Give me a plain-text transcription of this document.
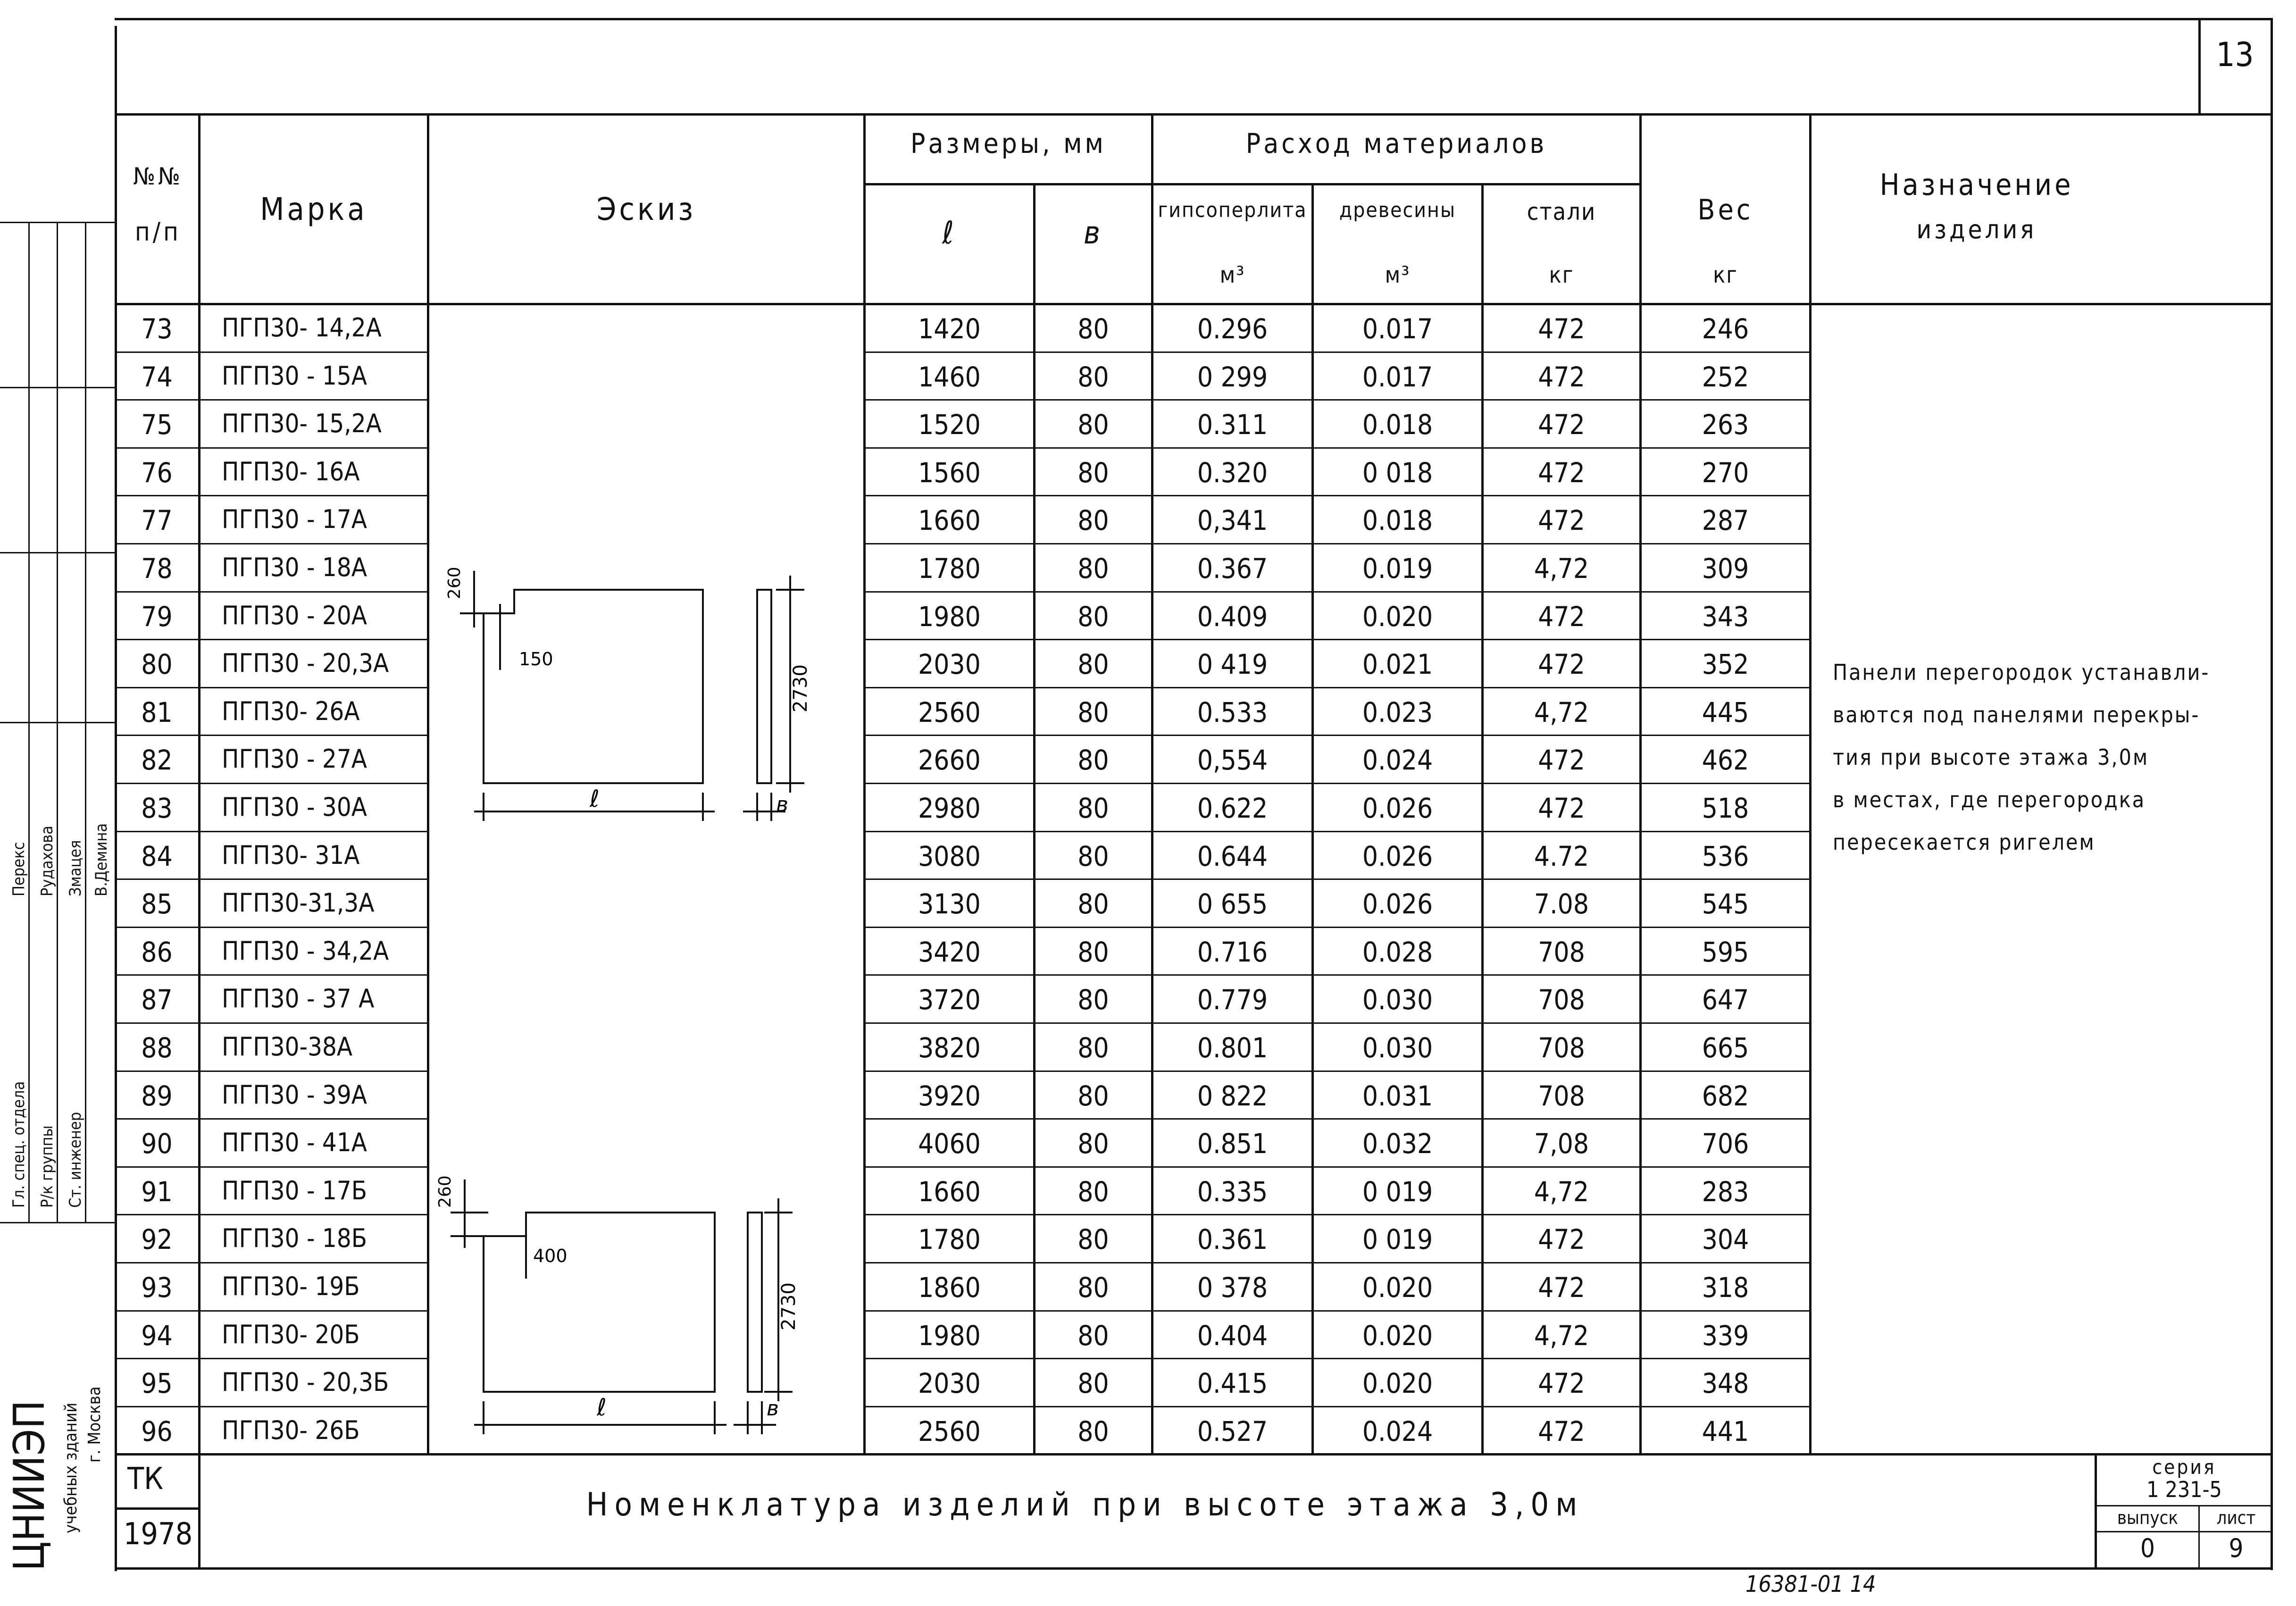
13
№№
п/п
Марка	Эскиз
Размеры, мм
ℓ	в
Расход материалов
гипсоперлита
м³
древесины
м³
стали
кг
Вес
кг
Назначение
изделия
73	ПГП30- 14,2А	1420	80	0.296	0.017	472	246
74	ПГП30 - 15А	1460	80	0 299	0.017	472	252
75	ПГП30- 15,2А	1520	80	0.311	0.018	472	263
76	ПГП30- 16А	1560	80	0.320	0 018	472	270
77	ПГП30 - 17А	1660	80	0,341	0.018	472	287
78	ПГП30 - 18А	1780	80	0.367	0.019	4,72	309
79	ПГП30 - 20А	1980	80	0.409	0.020	472	343
80	ПГП30 - 20,3А	2030	80	0 419	0.021	472	352
81	ПГП30- 26А	2560	80	0.533	0.023	4,72	445
82	ПГП30 - 27А	2660	80	0,554	0.024	472	462
83	ПГП30 - 30А	2980	80	0.622	0.026	472	518
84	ПГП30- 31А	3080	80	0.644	0.026	4.72	536
85	ПГП30-31,3А	3130	80	0 655	0.026	7.08	545
86	ПГП30 - 34,2А	3420	80	0.716	0.028	708	595
87	ПГП30 - 37 А	3720	80	0.779	0.030	708	647
88	ПГП30-38А	3820	80	0.801	0.030	708	665
89	ПГП30 - 39А	3920	80	0 822	0.031	708	682
90	ПГП30 - 41А	4060	80	0.851	0.032	7,08	706
91	ПГП30 - 17Б	1660	80	0.335	0 019	4,72	283
92	ПГП30 - 18Б	1780	80	0.361	0 019	472	304
93	ПГП30- 19Б	1860	80	0 378	0.020	472	318
94	ПГП30- 20Б	1980	80	0.404	0.020	4,72	339
95	ПГП30 - 20,3Б	2030	80	0.415	0.020	472	348
96	ПГП30- 26Б	2560	80	0.527	0.024	472	441
260
150
2730
ℓ	в
260
400
2730
ℓ	в
Панели перегородок устанавли-
ваются под панелями перекры-
тия при высоте этажа 3,0м
в местах, где перегородка
пересекается ригелем
ТК
1978
Номенклатура изделий при высоте этажа 3,0м
серия
1 231-5
выпуск
0
лист
9
Гл. спец. отдела Р/к группы Ст. инженер
Перекс Рудахова Змацея В.Демина
ЦНИИЭП учебных зданий г. Москва
16381-01 14
